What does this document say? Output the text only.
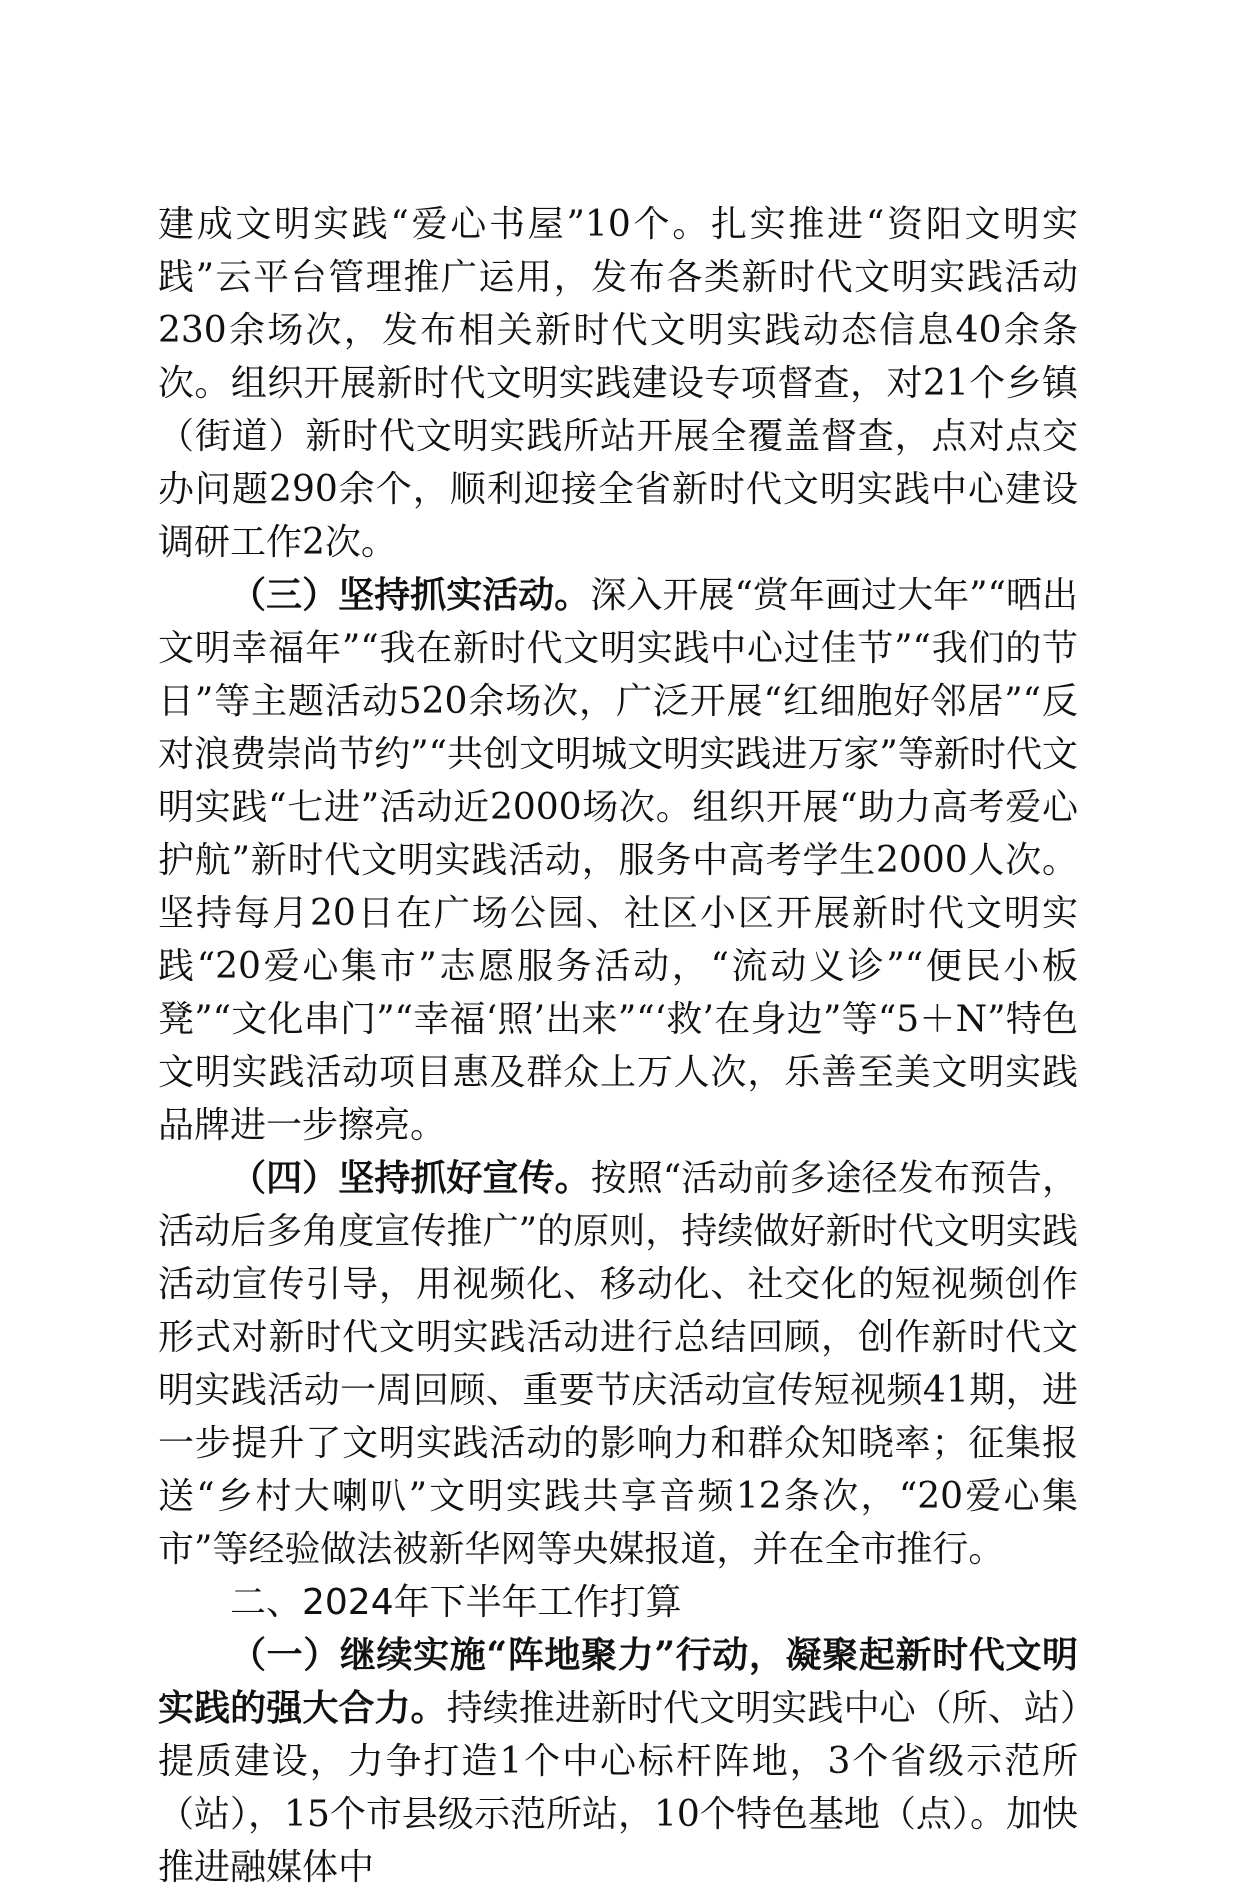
建成文明实践“爱心书屋”10个。扎实推进“资阳文明实践”云平台管理推广运用，发布各类新时代文明实践活动230余场次，发布相关新时代文明实践动态信息40余条次。组织开展新时代文明实践建设专项督查，对21个乡镇（街道）新时代文明实践所站开展全覆盖督查，点对点交办问题290余个，顺利迎接全省新时代文明实践中心建设调研工作2次。

（三）坚持抓实活动。深入开展“赏年画过大年”“晒出文明幸福年”“我在新时代文明实践中心过佳节”“我们的节日”等主题活动520余场次，广泛开展“红细胞好邻居”“反对浪费崇尚节约”“共创文明城文明实践进万家”等新时代文明实践“七进”活动近2000场次。组织开展“助力高考爱心护航”新时代文明实践活动，服务中高考学生2000人次。坚持每月20日在广场公园、社区小区开展新时代文明实践“20爱心集市”志愿服务活动，“流动义诊”“便民小板凳”“文化串门”“幸福‘照’出来”“‘救’在身边”等“5＋N”特色文明实践活动项目惠及群众上万人次，乐善至美文明实践品牌进一步擦亮。

（四）坚持抓好宣传。按照“活动前多途径发布预告，活动后多角度宣传推广”的原则，持续做好新时代文明实践活动宣传引导，用视频化、移动化、社交化的短视频创作形式对新时代文明实践活动进行总结回顾，创作新时代文明实践活动一周回顾、重要节庆活动宣传短视频41期，进一步提升了文明实践活动的影响力和群众知晓率；征集报送“乡村大喇叭”文明实践共享音频12条次，“20爱心集市”等经验做法被新华网等央媒报道，并在全市推行。

二、2024年下半年工作打算

（一）继续实施“阵地聚力”行动，凝聚起新时代文明实践的强大合力。持续推进新时代文明实践中心（所、站）提质建设，力争打造1个中心标杆阵地，3个省级示范所（站），15个市县级示范所站，10个特色基地（点）。加快推进融媒体中
